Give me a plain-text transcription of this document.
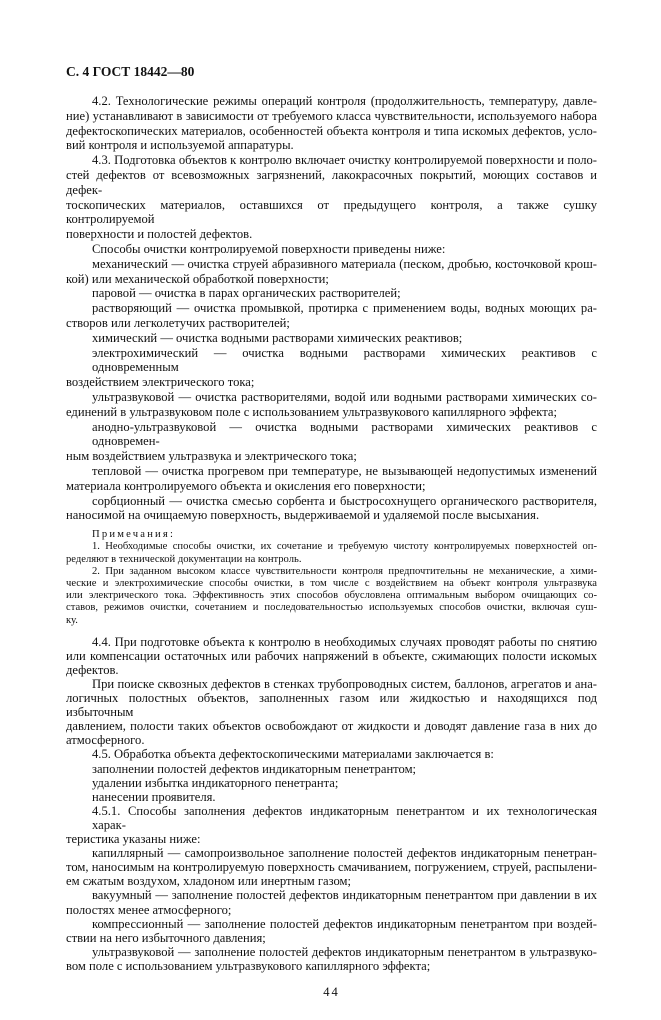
С. 4 ГОСТ 18442—80
4.2. Технологические режимы операций контроля (продолжительность, температуру, давле-
ние) устанавливают в зависимости от требуемого класса чувствительности, используемого набора
дефектоскопических материалов, особенностей объекта контроля и типа искомых дефектов, усло-
вий контроля и используемой аппаратуры.
4.3. Подготовка объектов к контролю включает очистку контролируемой поверхности и поло-
стей дефектов от всевозможных загрязнений, лакокрасочных покрытий, моющих составов и дефек-
тоскопических материалов, оставшихся от предыдущего контроля, а также сушку контролируемой
поверхности и полостей дефектов.
Способы очистки контролируемой поверхности приведены ниже:
механический — очистка струей абразивного материала (песком, дробью, косточковой крош-
кой) или механической обработкой поверхности;
паровой — очистка в парах органических растворителей;
растворяющий — очистка промывкой, протирка с применением воды, водных моющих ра-
створов или легколетучих растворителей;
химический — очистка водными растворами химических реактивов;
электрохимический — очистка водными растворами химических реактивов с одновременным
воздействием электрического тока;
ультразвуковой — очистка растворителями, водой или водными растворами химических со-
единений в ультразвуковом поле с использованием ультразвукового капиллярного эффекта;
анодно-ультразвуковой — очистка водными растворами химических реактивов с одновремен-
ным воздействием ультразвука и электрического тока;
тепловой — очистка прогревом при температуре, не вызывающей недопустимых изменений
материала контролируемого объекта и окисления его поверхности;
сорбционный — очистка смесью сорбента и быстросохнущего органического растворителя,
наносимой на очищаемую поверхность, выдерживаемой и удаляемой после высыхания.
Примечания:
1. Необходимые способы очистки, их сочетание и требуемую чистоту контролируемых поверхностей оп-
ределяют в технической документации на контроль.
2. При заданном высоком классе чувствительности контроля предпочтительны не механические, а хими-
ческие и электрохимические способы очистки, в том числе с воздействием на объект контроля ультразвука
или электрического тока. Эффективность этих способов обусловлена оптимальным выбором очищающих со-
ставов, режимов очистки, сочетанием и последовательностью используемых способов очистки, включая суш-
ку.
4.4. При подготовке объекта к контролю в необходимых случаях проводят работы по снятию
или компенсации остаточных или рабочих напряжений в объекте, сжимающих полости искомых
дефектов.
При поиске сквозных дефектов в стенках трубопроводных систем, баллонов, агрегатов и ана-
логичных полостных объектов, заполненных газом или жидкостью и находящихся под избыточным
давлением, полости таких объектов освобождают от жидкости и доводят давление газа в них до
атмосферного.
4.5. Обработка объекта дефектоскопическими материалами заключается в:
заполнении полостей дефектов индикаторным пенетрантом;
удалении избытка индикаторного пенетранта;
нанесении проявителя.
4.5.1. Способы заполнения дефектов индикаторным пенетрантом и их технологическая харак-
теристика указаны ниже:
капиллярный — самопроизвольное заполнение полостей дефектов индикаторным пенетран-
том, наносимым на контролируемую поверхность смачиванием, погружением, струей, распылени-
ем сжатым воздухом, хладоном или инертным газом;
вакуумный — заполнение полостей дефектов индикаторным пенетрантом при давлении в их
полостях менее атмосферного;
компрессионный — заполнение полостей дефектов индикаторным пенетрантом при воздей-
ствии на него избыточного давления;
ультразвуковой — заполнение полостей дефектов индикаторным пенетрантом в ультразвуко-
вом поле с использованием ультразвукового капиллярного эффекта;
44
